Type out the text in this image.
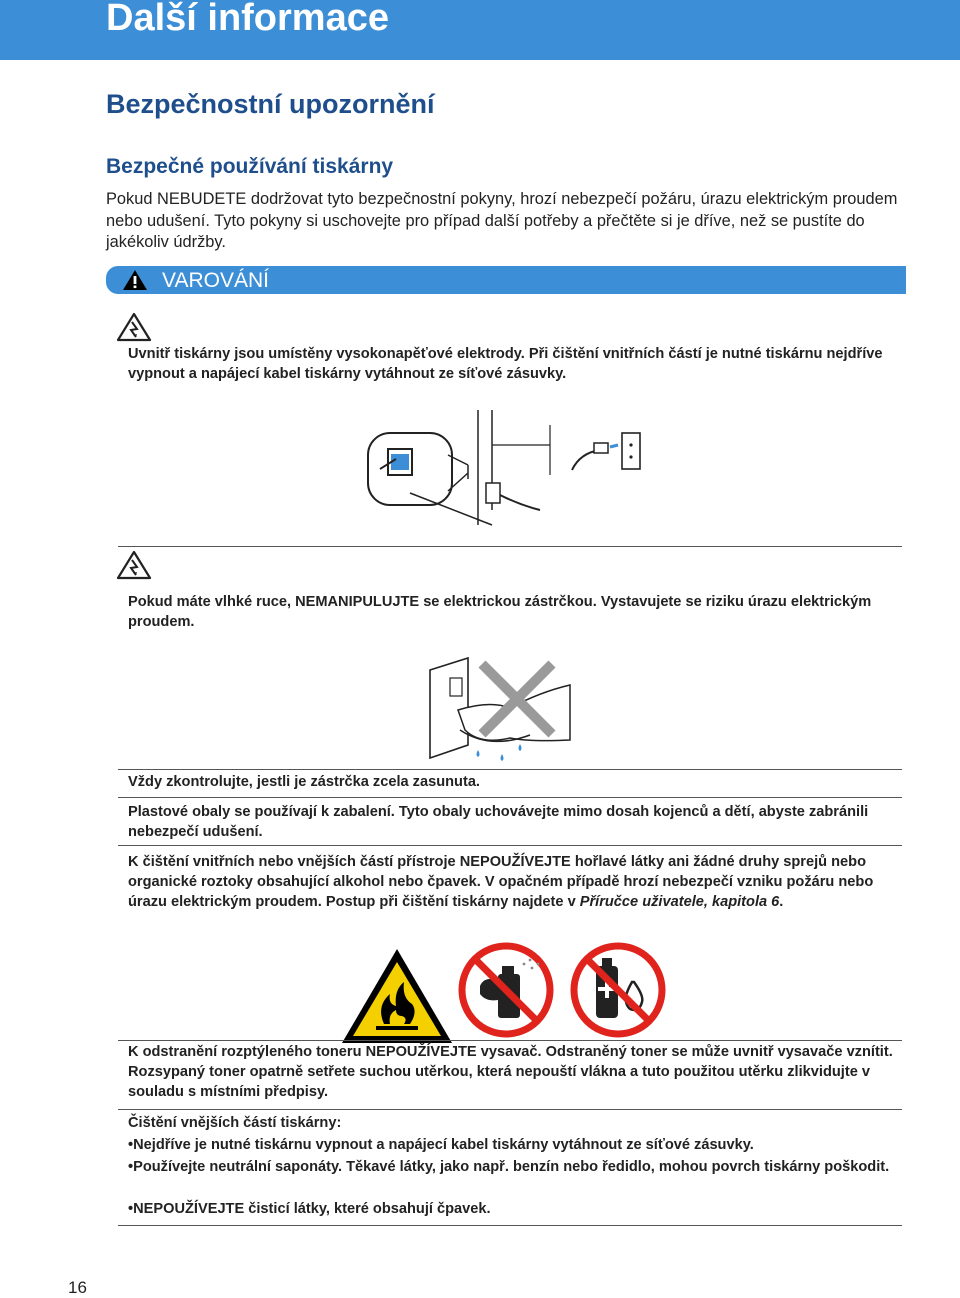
Další informace
Bezpečnostní upozornění
Bezpečné používání tiskárny

Pokud NEBUDETE dodržovat tyto bezpečnostní pokyny, hrozí nebezpečí požáru, úrazu elektrickým proudem nebo udušení. Tyto pokyny si uschovejte pro případ další potřeby a přečtěte si je dříve, než se pustíte do jakékoliv údržby.

VAROVÁNÍ

Uvnitř tiskárny jsou umístěny vysokonapěťové elektrody. Při čištění vnitřních částí je nutné tiskárnu nejdříve vypnout a napájecí kabel tiskárny vytáhnout ze síťové zásuvky.

Pokud máte vlhké ruce, NEMANIPULUJTE se elektrickou zástrčkou. Vystavujete se riziku úrazu elektrickým proudem.

Vždy zkontrolujte, jestli je zástrčka zcela zasunuta.

Plastové obaly se používají k zabalení. Tyto obaly uchovávejte mimo dosah kojenců a dětí, abyste zabránili nebezpečí udušení.

K čištění vnitřních nebo vnějších částí přístroje NEPOUŽÍVEJTE hořlavé látky ani žádné druhy sprejů nebo organické roztoky obsahující alkohol nebo čpavek. V opačném případě hrozí nebezpečí vzniku požáru nebo úrazu elektrickým proudem. Postup při čištění tiskárny najdete v Příručce uživatele, kapitola 6.

K odstranění rozptýleného toneru NEPOUŽÍVEJTE vysavač. Odstraněný toner se může uvnitř vysavače vznítit. Rozsypaný toner opatrně setřete suchou utěrkou, která nepouští vlákna a tuto použitou utěrku zlikvidujte v souladu s místními předpisy.

Čištění vnějších částí tiskárny:

•Nejdříve je nutné tiskárnu vypnout a napájecí kabel tiskárny vytáhnout ze síťové zásuvky.

•Používejte neutrální saponáty. Těkavé látky, jako např. benzín nebo ředidlo, mohou povrch tiskárny poškodit.

•NEPOUŽÍVEJTE čisticí látky, které obsahují čpavek.

16
